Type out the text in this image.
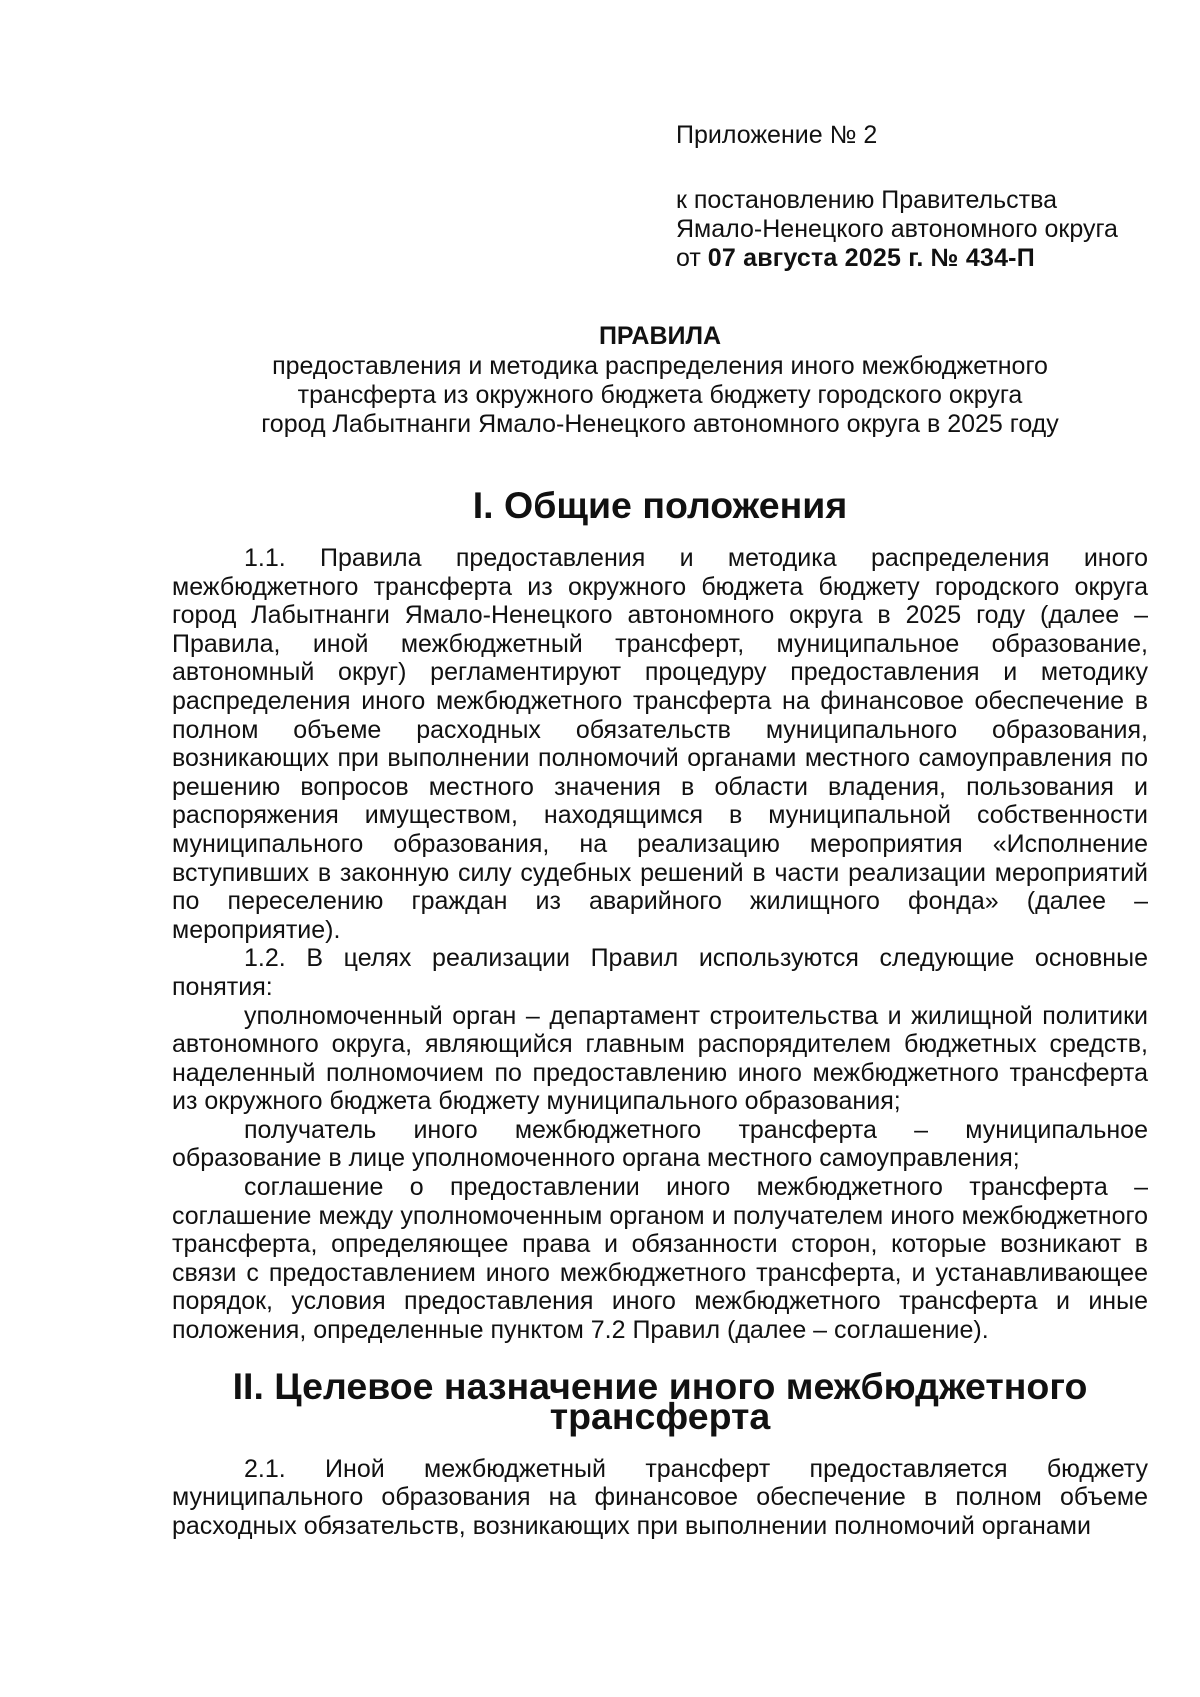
Приложение № 2

к постановлению Правительства
Ямало-Ненецкого автономного округа
от 07 августа 2025 г. № 434-П
ПРАВИЛА
предоставления и методика распределения иного межбюджетного
трансферта из окружного бюджета бюджету городского округа
город Лабытнанги Ямало-Ненецкого автономного округа в 2025 году
I. Общие положения

1.1. Правила предоставления и методика распределения иного межбюджетного трансферта из окружного бюджета бюджету городского округа город Лабытнанги Ямало-Ненецкого автономного округа в 2025 году (далее – Правила, иной межбюджетный трансферт, муниципальное образование, автономный округ) регламентируют процедуру предоставления и методику распределения иного межбюджетного трансферта на финансовое обеспечение в полном объеме расходных обязательств муниципального образования, возникающих при выполнении полномочий органами местного самоуправления по решению вопросов местного значения в области владения, пользования и распоряжения имуществом, находящимся в муниципальной собственности муниципального образования, на реализацию мероприятия «Исполнение вступивших в законную силу судебных решений в части реализации мероприятий по переселению граждан из аварийного жилищного фонда» (далее – мероприятие).

1.2. В целях реализации Правил используются следующие основные понятия:

уполномоченный орган – департамент строительства и жилищной политики автономного округа, являющийся главным распорядителем бюджетных средств, наделенный полномочием по предоставлению иного межбюджетного трансферта из окружного бюджета бюджету муниципального образования;

получатель иного межбюджетного трансферта – муниципальное образование в лице уполномоченного органа местного самоуправления;

соглашение о предоставлении иного межбюджетного трансферта – соглашение между уполномоченным органом и получателем иного межбюджетного трансферта, определяющее права и обязанности сторон, которые возникают в связи с предоставлением иного межбюджетного трансферта, и устанавливающее порядок, условия предоставления иного межбюджетного трансферта и иные положения, определенные пунктом 7.2 Правил (далее – соглашение).

II. Целевое назначение иного межбюджетного трансферта

2.1. Иной межбюджетный трансферт предоставляется бюджету муниципального образования на финансовое обеспечение в полном объеме расходных обязательств, возникающих при выполнении полномочий органами
